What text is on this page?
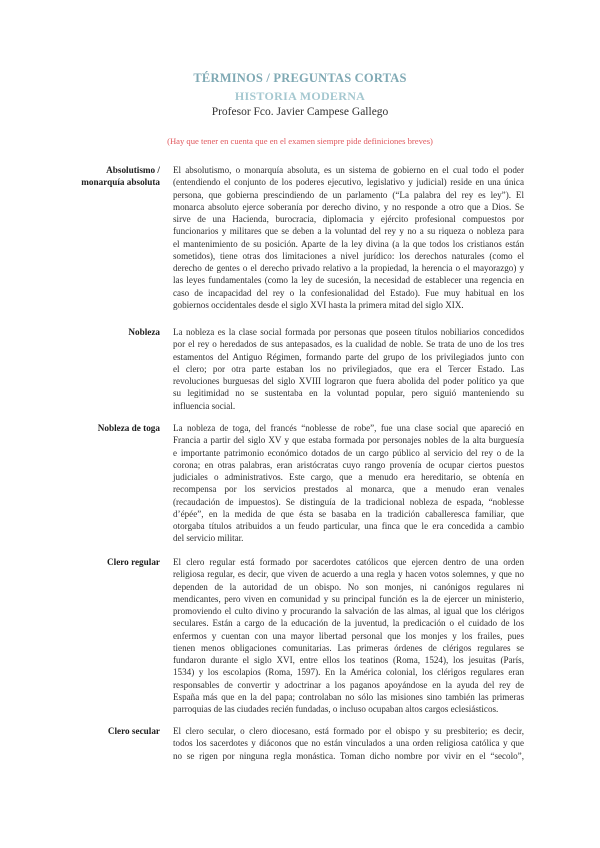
TÉRMINOS / PREGUNTAS CORTAS
HISTORIA MODERNA
Profesor Fco. Javier Campese Gallego
(Hay que tener en cuenta que en el examen siempre pide definiciones breves)
Absolutismo /
monarquía absoluta
El absolutismo, o monarquía absoluta, es un sistema de gobierno en el cual todo el poder
(entendiendo el conjunto de los poderes ejecutivo, legislativo y judicial) reside en una única
persona, que gobierna prescindiendo de un parlamento (“La palabra del rey es ley”). El
monarca absoluto ejerce soberanía por derecho divino, y no responde a otro que a Dios. Se
sirve de una Hacienda, burocracia, diplomacia y ejército profesional compuestos por
funcionarios y militares que se deben a la voluntad del rey y no a su riqueza o nobleza para
el mantenimiento de su posición. Aparte de la ley divina (a la que todos los cristianos están
sometidos), tiene otras dos limitaciones a nivel jurídico: los derechos naturales (como el
derecho de gentes o el derecho privado relativo a la propiedad, la herencia o el mayorazgo) y
las leyes fundamentales (como la ley de sucesión, la necesidad de establecer una regencia en
caso de incapacidad del rey o la confesionalidad del Estado). Fue muy habitual en los
gobiernos occidentales desde el siglo XVI hasta la primera mitad del siglo XIX.
Nobleza La nobleza es la clase social formada por personas que poseen títulos nobiliarios concedidos
por el rey o heredados de sus antepasados, es la cualidad de noble. Se trata de uno de los tres
estamentos del Antiguo Régimen, formando parte del grupo de los privilegiados junto con
el clero; por otra parte estaban los no privilegiados, que era el Tercer Estado. Las
revoluciones burguesas del siglo XVIII lograron que fuera abolida del poder político ya que
su legitimidad no se sustentaba en la voluntad popular, pero siguió manteniendo su
influencia social.
Nobleza de toga La nobleza de toga, del francés “noblesse de robe”, fue una clase social que apareció en
Francia a partir del siglo XV y que estaba formada por personajes nobles de la alta burguesía
e importante patrimonio económico dotados de un cargo público al servicio del rey o de la
corona; en otras palabras, eran aristócratas cuyo rango provenía de ocupar ciertos puestos
judiciales o administrativos. Este cargo, que a menudo era hereditario, se obtenía en
recompensa por los servicios prestados al monarca, que a menudo eran venales
(recaudación de impuestos). Se distinguía de la tradicional nobleza de espada, “noblesse
d’épée”, en la medida de que ésta se basaba en la tradición caballeresca familiar, que
otorgaba títulos atribuidos a un feudo particular, una finca que le era concedida a cambio
del servicio militar.
Clero regular El clero regular está formado por sacerdotes católicos que ejercen dentro de una orden
religiosa regular, es decir, que viven de acuerdo a una regla y hacen votos solemnes, y que no
dependen de la autoridad de un obispo. No son monjes, ni canónigos regulares ni
mendicantes, pero viven en comunidad y su principal función es la de ejercer un ministerio,
promoviendo el culto divino y procurando la salvación de las almas, al igual que los clérigos
seculares. Están a cargo de la educación de la juventud, la predicación o el cuidado de los
enfermos y cuentan con una mayor libertad personal que los monjes y los frailes, pues
tienen menos obligaciones comunitarias. Las primeras órdenes de clérigos regulares se
fundaron durante el siglo XVI, entre ellos los teatinos (Roma, 1524), los jesuitas (París,
1534) y los escolapios (Roma, 1597). En la América colonial, los clérigos regulares eran
responsables de convertir y adoctrinar a los paganos apoyándose en la ayuda del rey de
España más que en la del papa; controlaban no sólo las misiones sino también las primeras
parroquias de las ciudades recién fundadas, o incluso ocupaban altos cargos eclesiásticos.
Clero secular El clero secular, o clero diocesano, está formado por el obispo y su presbiterio; es decir,
todos los sacerdotes y diáconos que no están vinculados a una orden religiosa católica y que
no se rigen por ninguna regla monástica. Toman dicho nombre por vivir en el “secolo”,
